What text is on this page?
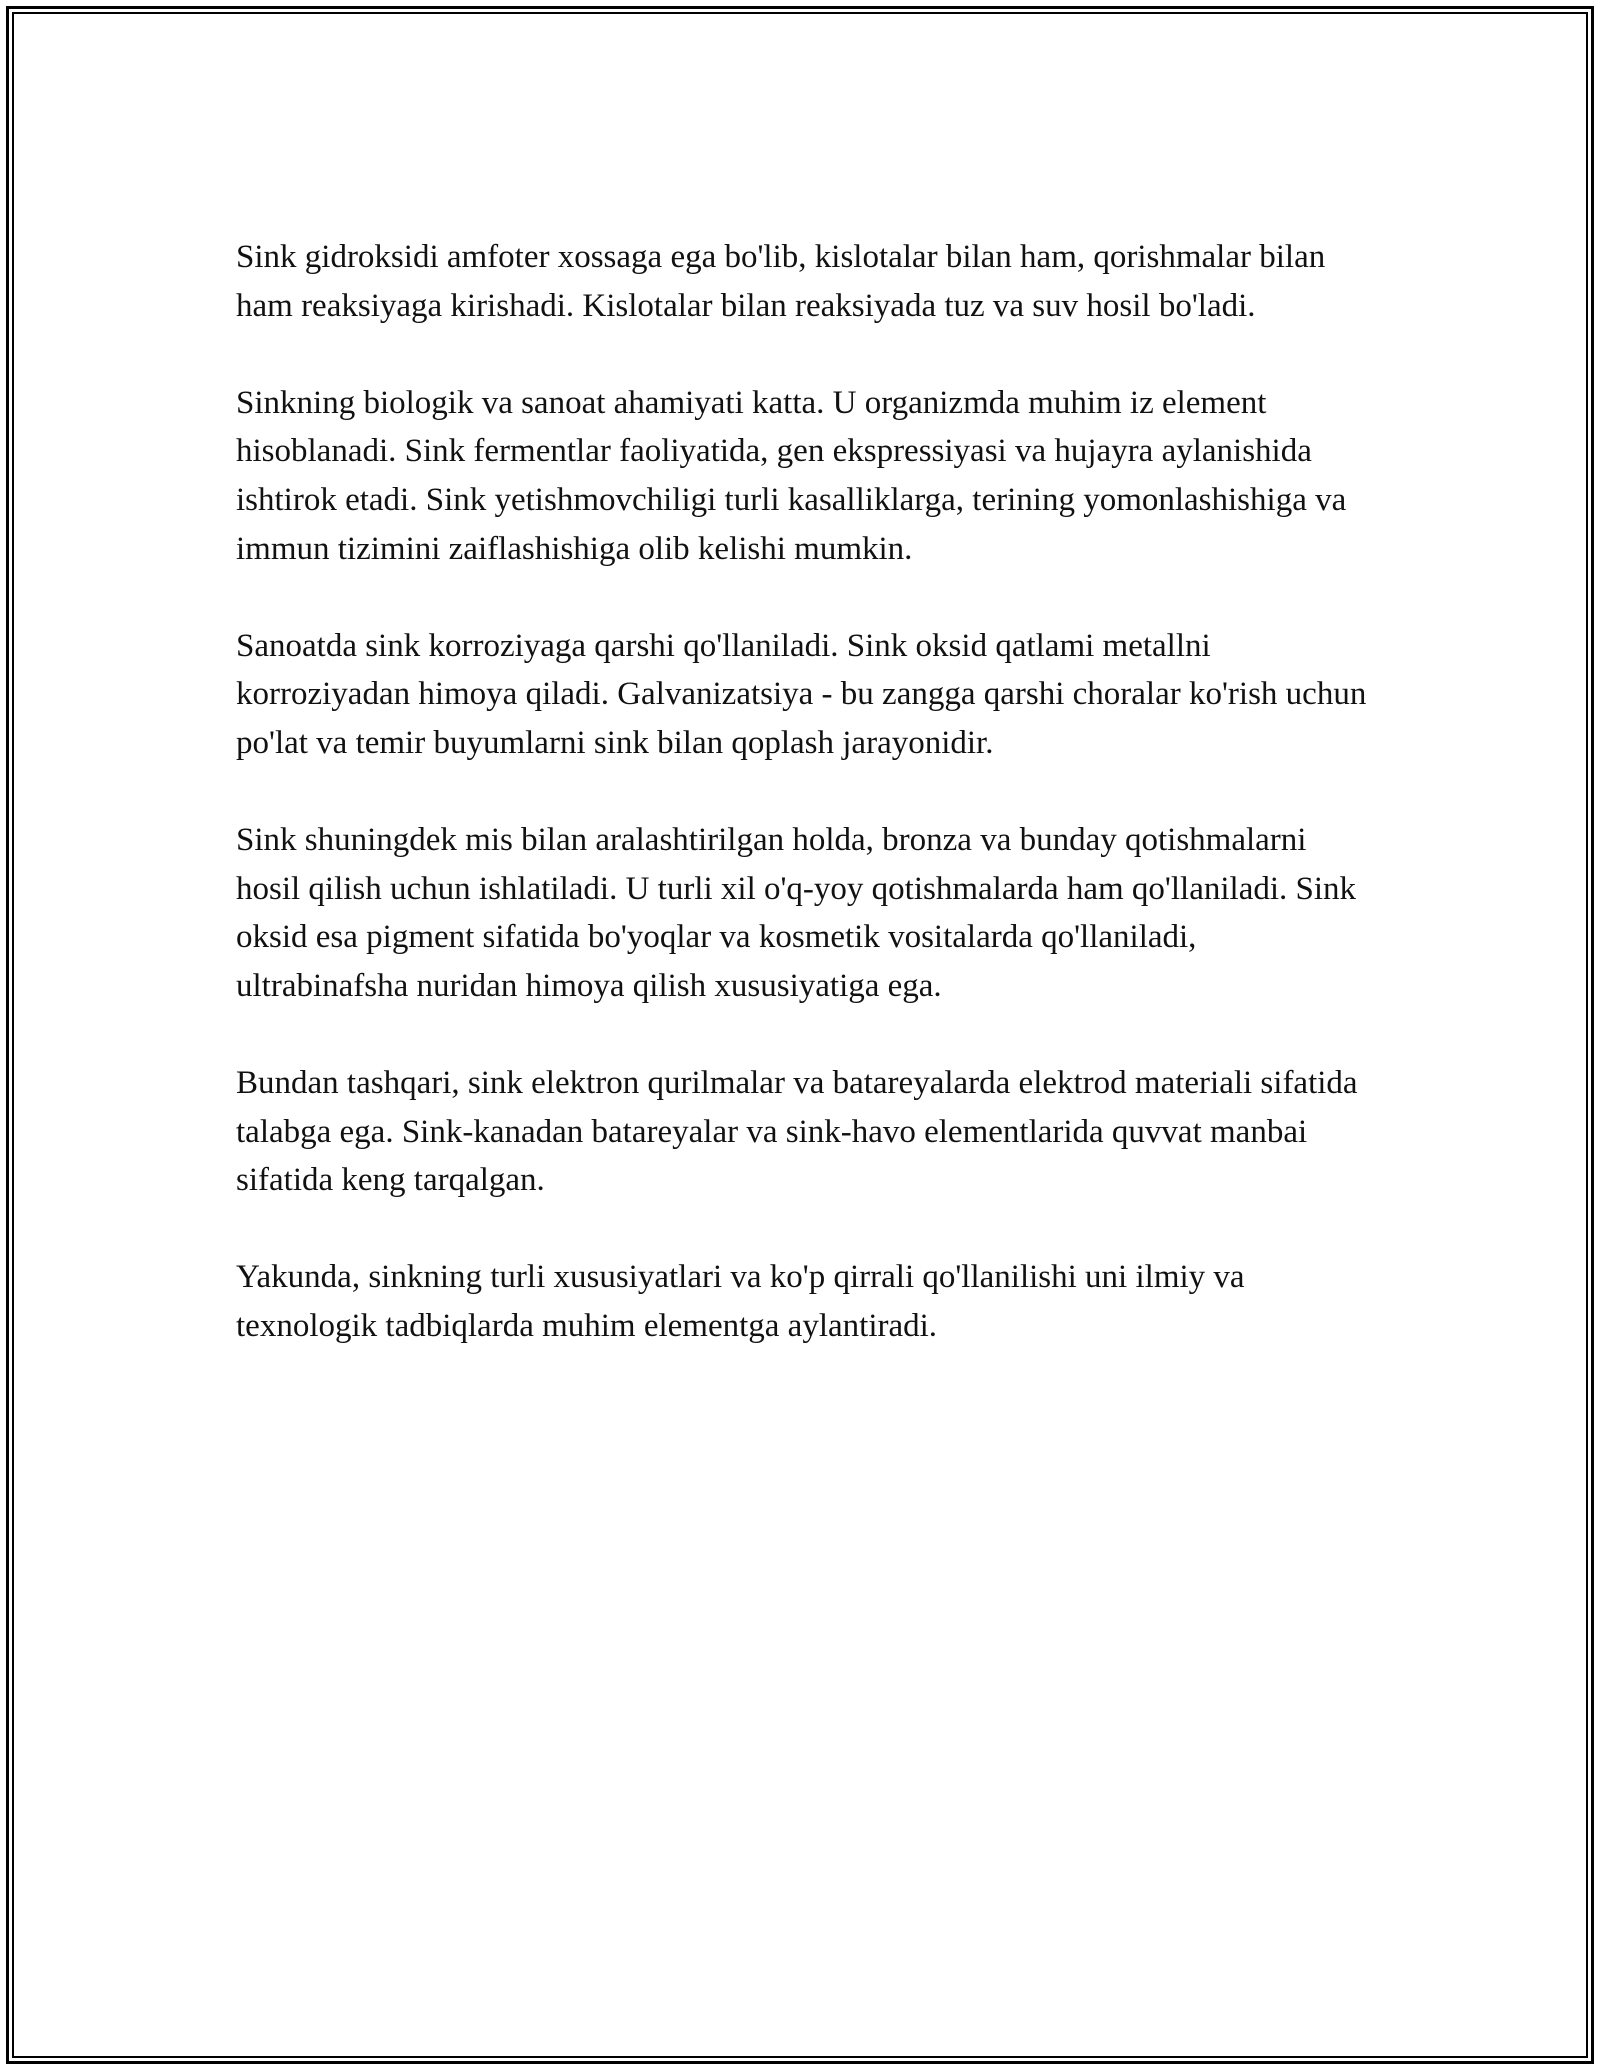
Sink gidroksidi amfoter xossaga ega bo'lib, kislotalar bilan ham, qorishmalar bilan ham reaksiyaga kirishadi. Kislotalar bilan reaksiyada tuz va suv hosil bo'ladi.

Sinkning biologik va sanoat ahamiyati katta. U organizmda muhim iz element hisoblanadi. Sink fermentlar faoliyatida, gen ekspressiyasi va hujayra aylanishida ishtirok etadi. Sink yetishmovchiligi turli kasalliklarga, terining yomonlashishiga va immun tizimini zaiflashishiga olib kelishi mumkin.

Sanoatda sink korroziyaga qarshi qo'llaniladi. Sink oksid qatlami metallni korroziyadan himoya qiladi. Galvanizatsiya - bu zangga qarshi choralar ko'rish uchun po'lat va temir buyumlarni sink bilan qoplash jarayonidir.

Sink shuningdek mis bilan aralashtirilgan holda, bronza va bunday qotishmalarni hosil qilish uchun ishlatiladi. U turli xil o'q-yoy qotishmalarda ham qo'llaniladi. Sink oksid esa pigment sifatida bo'yoqlar va kosmetik vositalarda qo'llaniladi, ultrabinafsha nuridan himoya qilish xususiyatiga ega.

Bundan tashqari, sink elektron qurilmalar va batareyalarda elektrod materiali sifatida talabga ega. Sink-kanadan batareyalar va sink-havo elementlarida quvvat manbai sifatida keng tarqalgan.

Yakunda, sinkning turli xususiyatlari va ko'p qirrali qo'llanilishi uni ilmiy va texnologik tadbiqlarda muhim elementga aylantiradi.
